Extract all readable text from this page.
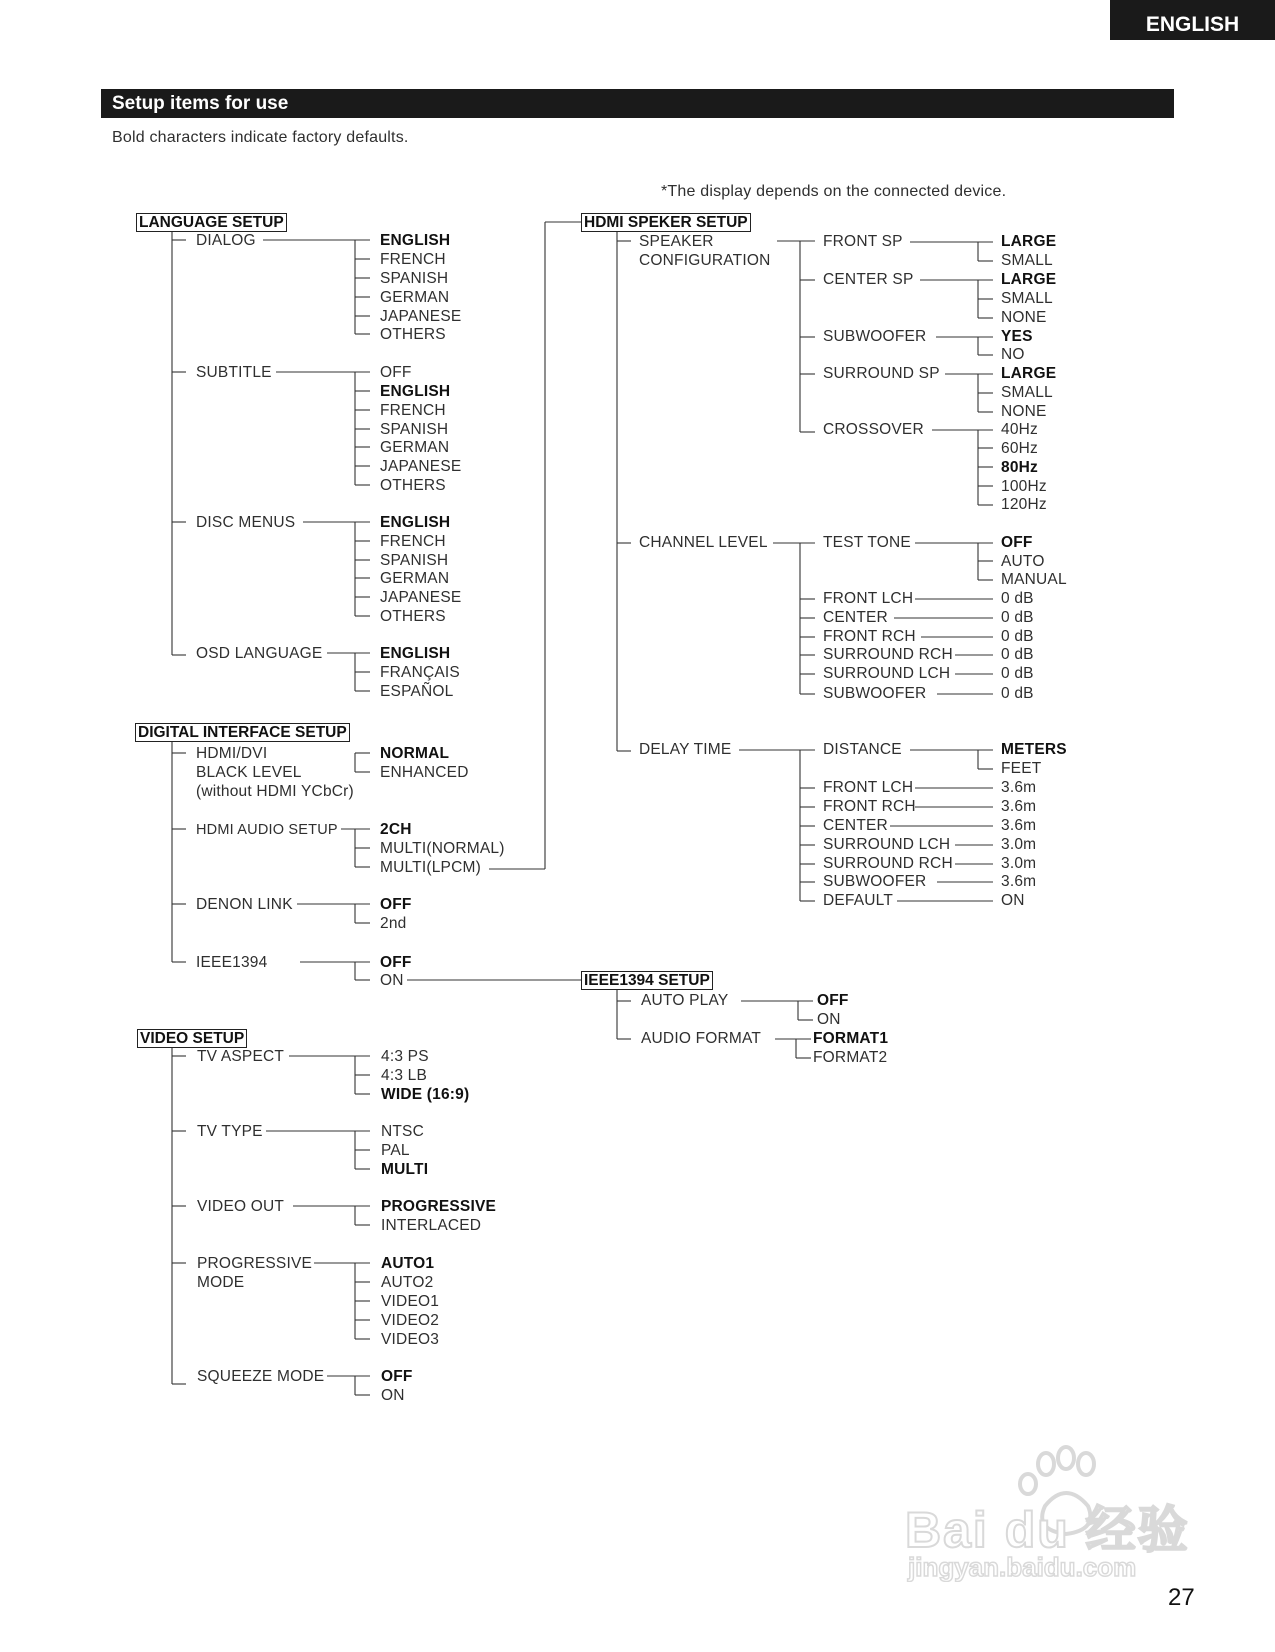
ENGLISH
Setup items for use
Bold characters indicate factory defaults.
*The display depends on the connected device.
LANGUAGE SETUP
DIALOG	ENGLISH
FRENCH
SPANISH
GERMAN
JAPANESE
OTHERS
SUBTITLE	OFF
ENGLISH
FRENCH
SPANISH
GERMAN
JAPANESE
OTHERS
DISC MENUS	ENGLISH
FRENCH
SPANISH
GERMAN
JAPANESE
OTHERS
OSD LANGUAGE	ENGLISH
FRANÇAIS
ESPAÑOL
DIGITAL INTERFACE SETUP
HDMI/DVI
BLACK LEVEL
(without HDMI YCbCr)
NORMAL
ENHANCED
HDMI AUDIO SETUP	2CH
MULTI(NORMAL)
MULTI(LPCM)
DENON LINK	OFF
2nd
IEEE1394	OFF
ON
VIDEO SETUP
TV ASPECT	4:3 PS
4:3 LB
WIDE (16:9)
TV TYPE	NTSC
PAL
MULTI
VIDEO OUT	PROGRESSIVE
INTERLACED
PROGRESSIVE
MODE
AUTO1
AUTO2
VIDEO1
VIDEO2
VIDEO3
SQUEEZE MODE	OFF
ON
HDMI SPEKER SETUP
SPEAKER
CONFIGURATION
FRONT SP	LARGE
SMALL
CENTER SP	LARGE
SMALL
NONE
SUBWOOFER	YES
NO
SURROUND SP	LARGE
SMALL
NONE
CROSSOVER	40Hz
60Hz
80Hz
100Hz
120Hz
CHANNEL LEVEL	TEST TONE	OFF
AUTO
MANUAL
FRONT LCH	0 dB
CENTER	0 dB
FRONT RCH	0 dB
SURROUND RCH	0 dB
SURROUND LCH	0 dB
SUBWOOFER	0 dB
DELAY TIME	DISTANCE	METERS
FEET
FRONT LCH	3.6m
FRONT RCH	3.6m
CENTER	3.6m
SURROUND LCH	3.0m
SURROUND RCH	3.0m
SUBWOOFER	3.6m
DEFAULT	ON
IEEE1394 SETUP
AUTO PLAY	OFF
ON
AUDIO FORMAT	FORMAT1
FORMAT2
Bai du 经验
jingyan.baidu.com
27
